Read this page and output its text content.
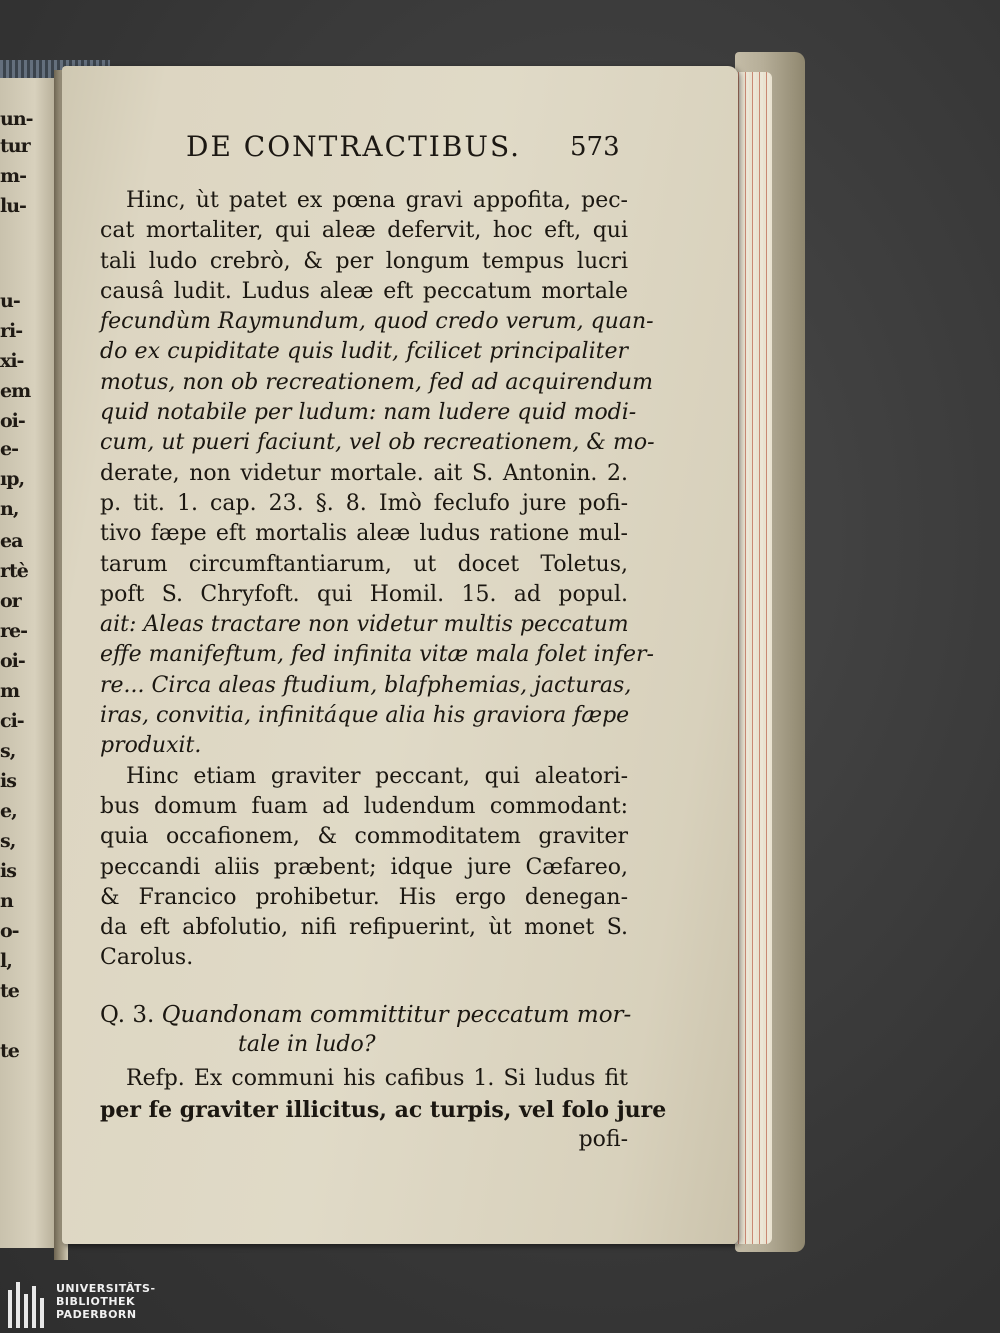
un-
tur
m-
lu-
u-
ri-
xi-
em
oi-
e-
ıp,
n,
ea
rtè
or
re-
oi-
m
ci-
s,
is
e,
s,
is
n
o-
l,
te
te
DE CONTRACTIBUS. 573
Hinc, ùt patet ex pœna gravi appofita, pec-
cat mortaliter, qui aleæ defervit, hoc eft, qui
tali ludo crebrò, & per longum tempus lucri
causâ ludit. Ludus aleæ eft peccatum mortale
fecundùm Raymundum, quod credo verum, quan-
do ex cupiditate quis ludit, fcilicet principaliter
motus, non ob recreationem, fed ad acquirendum
quid notabile per ludum: nam ludere quid modi-
cum, ut pueri faciunt, vel ob recreationem, & mo-
derate, non videtur mortale. ait S. Antonin. 2.
p. tit. 1. cap. 23. §. 8. Imò feclufo jure pofi-
tivo fæpe eft mortalis aleæ ludus ratione mul-
tarum circumftantiarum, ut docet Toletus,
poft S. Chryfoft. qui Homil. 15. ad popul.
ait: Aleas tractare non videtur multis peccatum
effe manifeftum, fed infinita vitæ mala folet infer-
re... Circa aleas ftudium, blafphemias, jacturas,
iras, convitia, infinitáque alia his graviora fæpe
produxit.
Hinc etiam graviter peccant, qui aleatori-
bus domum fuam ad ludendum commodant:
quia occafionem, & commoditatem graviter
peccandi aliis præbent; idque jure Cæfareo,
& Francico prohibetur. His ergo denegan-
da eft abfolutio, nifi refipuerint, ùt monet S.
Carolus.
Q. 3. Quandonam committitur peccatum mor-
tale in ludo?
Refp. Ex communi his cafibus 1. Si ludus fit
per fe graviter illicitus, ac turpis, vel folo jure
pofi-
UNIVERSITÄTS-
BIBLIOTHEK
PADERBORN
